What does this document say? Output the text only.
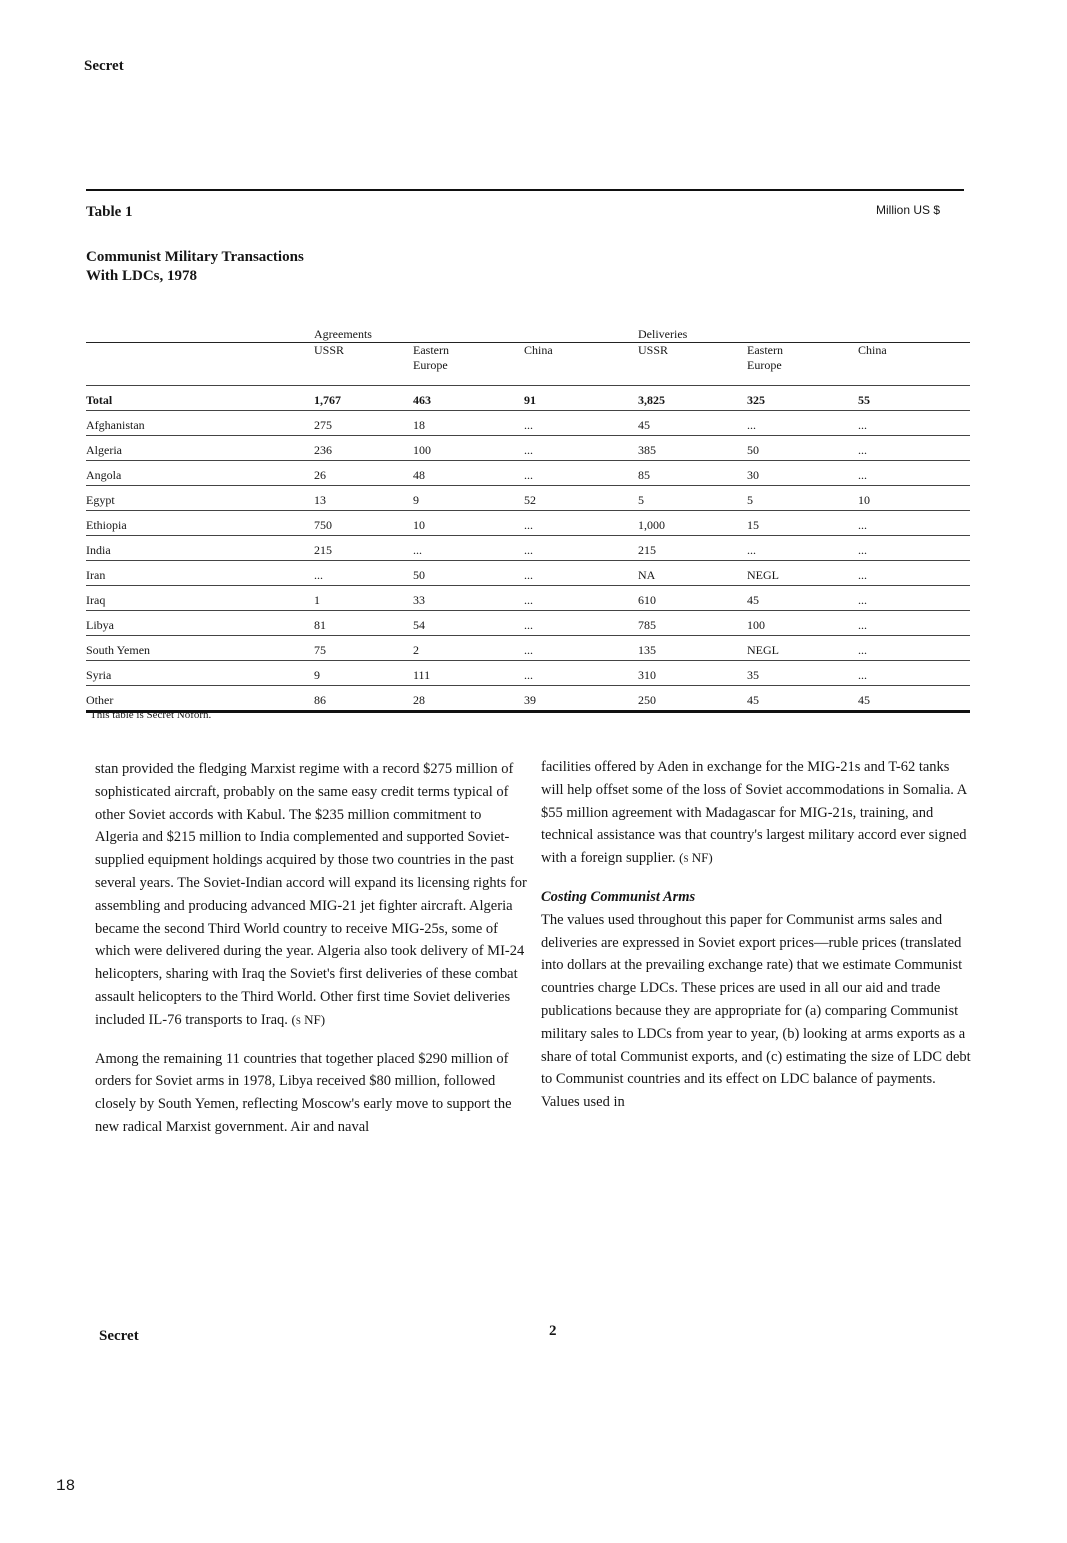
Secret
Table 1	Million US $
Communist Military Transactions
With LDCs, 1978
	Agreements			Deliveries		
	USSR	Eastern Europe	China	USSR	Eastern Europe	China
Total	1,767	463	91	3,825	325	55
Afghanistan	275	18	...	45	...	...
Algeria	236	100	...	385	50	...
Angola	26	48	...	85	30	...
Egypt	13	9	52	5	5	10
Ethiopia	750	10	...	1,000	15	...
India	215	...	...	215	...	...
Iran	...	50	...	NA	NEGL	...
Iraq	1	33	...	610	45	...
Libya	81	54	...	785	100	...
South Yemen	75	2	...	135	NEGL	...
Syria	9	111	...	310	35	...
Other	86	28	39	250	45	45
This table is Secret Noforn.

stan provided the fledging Marxist regime with a record $275 million of sophisticated aircraft, probably on the same easy credit terms typical of other Soviet accords with Kabul. The $235 million commitment to Algeria and $215 million to India complemented and supported Soviet-supplied equipment holdings acquired by those two countries in the past several years. The Soviet-Indian accord will expand its licensing rights for assembling and producing advanced MIG-21 jet fighter aircraft. Algeria became the second Third World country to receive MIG-25s, some of which were delivered during the year. Algeria also took delivery of MI-24 helicopters, sharing with Iraq the Soviet's first deliveries of these combat assault helicopters to the Third World. Other first time Soviet deliveries included IL-76 transports to Iraq. (s NF)

Among the remaining 11 countries that together placed $290 million of orders for Soviet arms in 1978, Libya received $80 million, followed closely by South Yemen, reflecting Moscow's early move to support the new radical Marxist government. Air and naval

facilities offered by Aden in exchange for the MIG-21s and T-62 tanks will help offset some of the loss of Soviet accommodations in Somalia. A $55 million agreement with Madagascar for MIG-21s, training, and technical assistance was that country's largest military accord ever signed with a foreign supplier. (s NF)

Costing Communist Arms

The values used throughout this paper for Communist arms sales and deliveries are expressed in Soviet export prices—ruble prices (translated into dollars at the prevailing exchange rate) that we estimate Communist countries charge LDCs. These prices are used in all our aid and trade publications because they are appropriate for (a) comparing Communist military sales to LDCs from year to year, (b) looking at arms exports as a share of total Communist exports, and (c) estimating the size of LDC debt to Communist countries and its effect on LDC balance of payments. Values used in

Secret	2
18
